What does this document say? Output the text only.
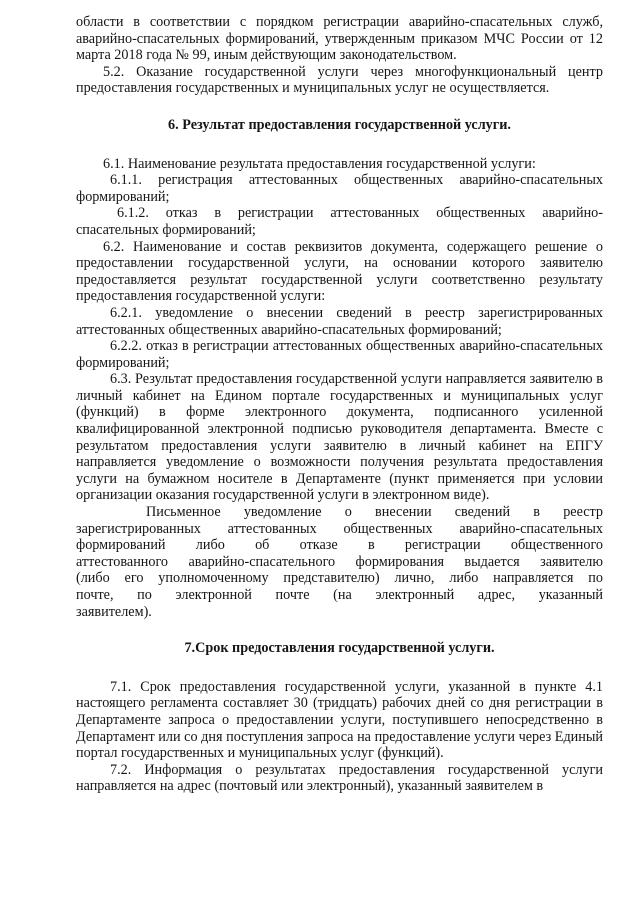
области в соответствии с порядком регистрации аварийно-спасательных служб, аварийно-спасательных формирований, утвержденным приказом МЧС России от 12 марта 2018 года № 99, иным действующим законодательством.

5.2. Оказание государственной услуги через многофункциональный центр предоставления государственных и муниципальных услуг не осуществляется.

6. Результат предоставления государственной услуги.

6.1. Наименование результата предоставления государственной услуги:

6.1.1. регистрация аттестованных общественных аварийно-спасательных формирований;

6.1.2. отказ в регистрации аттестованных общественных аварийно-спасательных формирований;

6.2. Наименование и состав реквизитов документа, содержащего решение о предоставлении государственной услуги, на основании которого заявителю предоставляется результат государственной услуги соответственно результату предоставления государственной услуги:

6.2.1. уведомление о внесении сведений в реестр зарегистрированных аттестованных общественных аварийно-спасательных формирований;

6.2.2. отказ в регистрации аттестованных общественных аварийно-спасательных формирований;

6.3. Результат предоставления государственной услуги направляется заявителю в личный кабинет на Едином портале государственных и муниципальных услуг (функций) в форме электронного документа, подписанного усиленной квалифицированной электронной подписью руководителя департамента. Вместе с результатом предоставления услуги заявителю в личный кабинет на ЕПГУ направляется уведомление о возможности получения результата предоставления услуги на бумажном носителе в Департаменте (пункт применяется при условии организации оказания государственной услуги в электронном виде).

Письменное уведомление о внесении сведений в реестр зарегистрированных аттестованных общественных аварийно-спасательных формирований либо об отказе в регистрации общественного аттестованного аварийно-спасательного формирования выдается заявителю (либо его уполномоченному представителю) лично, либо направляется по почте, по электронной почте (на электронный адрес, указанный заявителем).

7.Срок предоставления государственной услуги.

7.1. Срок предоставления государственной услуги, указанной в пункте 4.1 настоящего регламента составляет 30 (тридцать) рабочих дней со дня регистрации в Департаменте запроса о предоставлении услуги, поступившего непосредственно в Департамент или со дня поступления запроса на предоставление услуги через Единый портал государственных и муниципальных услуг (функций).

7.2. Информация о результатах предоставления государственной услуги направляется на адрес (почтовый или электронный), указанный заявителем в
